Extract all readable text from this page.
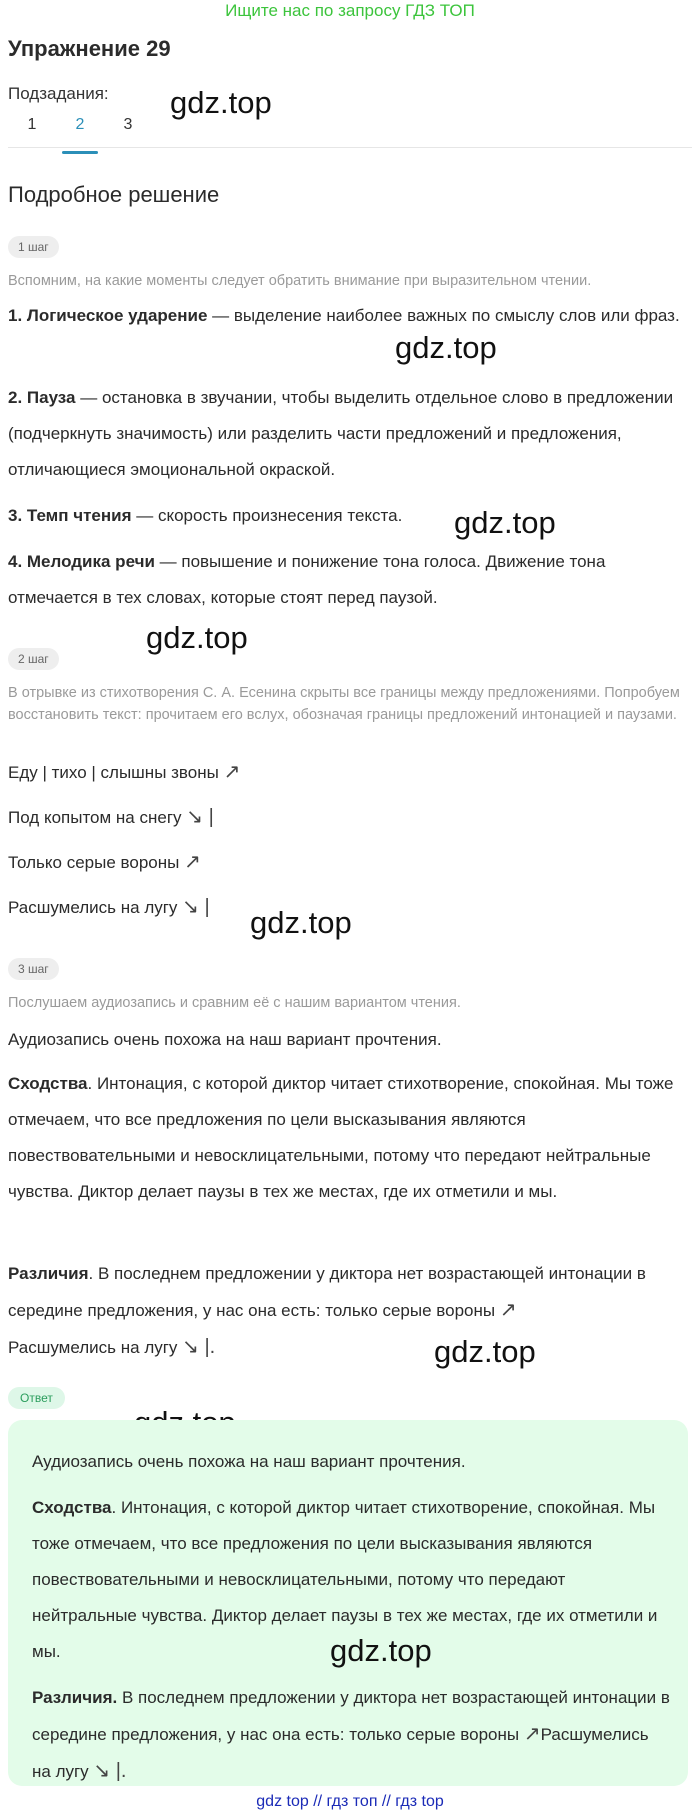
Ищите нас по запросу ГДЗ ТОП
Упражнение 29
Подзадания:
1	2	3
gdz.top
Подробное решение
1 шаг
Вспомним, на какие моменты следует обратить внимание при выразительном чтении.
1. Логическое ударение — выделение наиболее важных по смыслу слов или фраз.
gdz.top
2. Пауза — остановка в звучании, чтобы выделить отдельное слово в предложении (подчеркнуть значимость) или разделить части предложений и предложения, отличающиеся эмоциональной окраской.
3. Темп чтения — скорость произнесения текста.	gdz.top
4. Мелодика речи — повышение и понижение тона голоса. Движение тона отмечается в тех словах, которые стоят перед паузой.
gdz.top
2 шаг
В отрывке из стихотворения С. А. Есенина скрыты все границы между предложениями. Попробуем восстановить текст: прочитаем его вслух, обозначая границы предложений интонацией и паузами.
Еду | тихо | слышны звоны ↗
Под копытом на снегу ↘ |
Только серые вороны ↗
Расшумелись на лугу ↘ | gdz.top
3 шаг
Послушаем аудиозапись и сравним её с нашим вариантом чтения.
Аудиозапись очень похожа на наш вариант прочтения.
Сходства. Интонация, с которой диктор читает стихотворение, спокойная. Мы тоже отмечаем, что все предложения по цели высказывания являются повествовательными и невосклицательными, потому что передают нейтральные чувства. Диктор делает паузы в тех же местах, где их отметили и мы.
Различия. В последнем предложении у диктора нет возрастающей интонации в середине предложения, у нас она есть: только серые вороны ↗
Расшумелись на лугу ↘ |.	gdz.top
Ответ
Аудиозапись очень похожа на наш вариант прочтения.
Сходства. Интонация, с которой диктор читает стихотворение, спокойная. Мы тоже отмечаем, что все предложения по цели высказывания являются повествовательными и невосклицательными, потому что передают нейтральные чувства. Диктор делает паузы в тех же местах, где их отметили и мы.	gdz.top
Различия. В последнем предложении у диктора нет возрастающей интонации в середине предложения, у нас она есть: только серые вороны ↗Расшумелись на лугу ↘ |.
gdz top // гдз топ // гдз top
